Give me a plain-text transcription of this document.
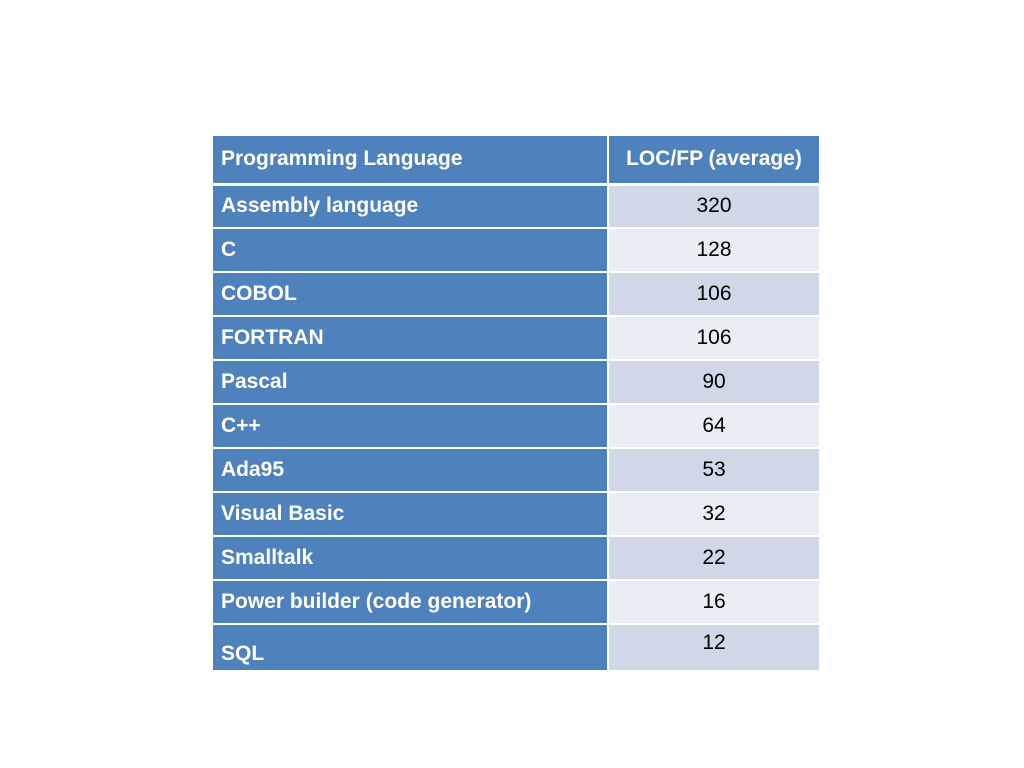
Programming Language	LOC/FP (average)
Assembly language	320
C	128
COBOL	106
FORTRAN	106
Pascal	90
C++	64
Ada95	53
Visual Basic	32
Smalltalk	22
Power builder (code generator)	16
SQL	12
